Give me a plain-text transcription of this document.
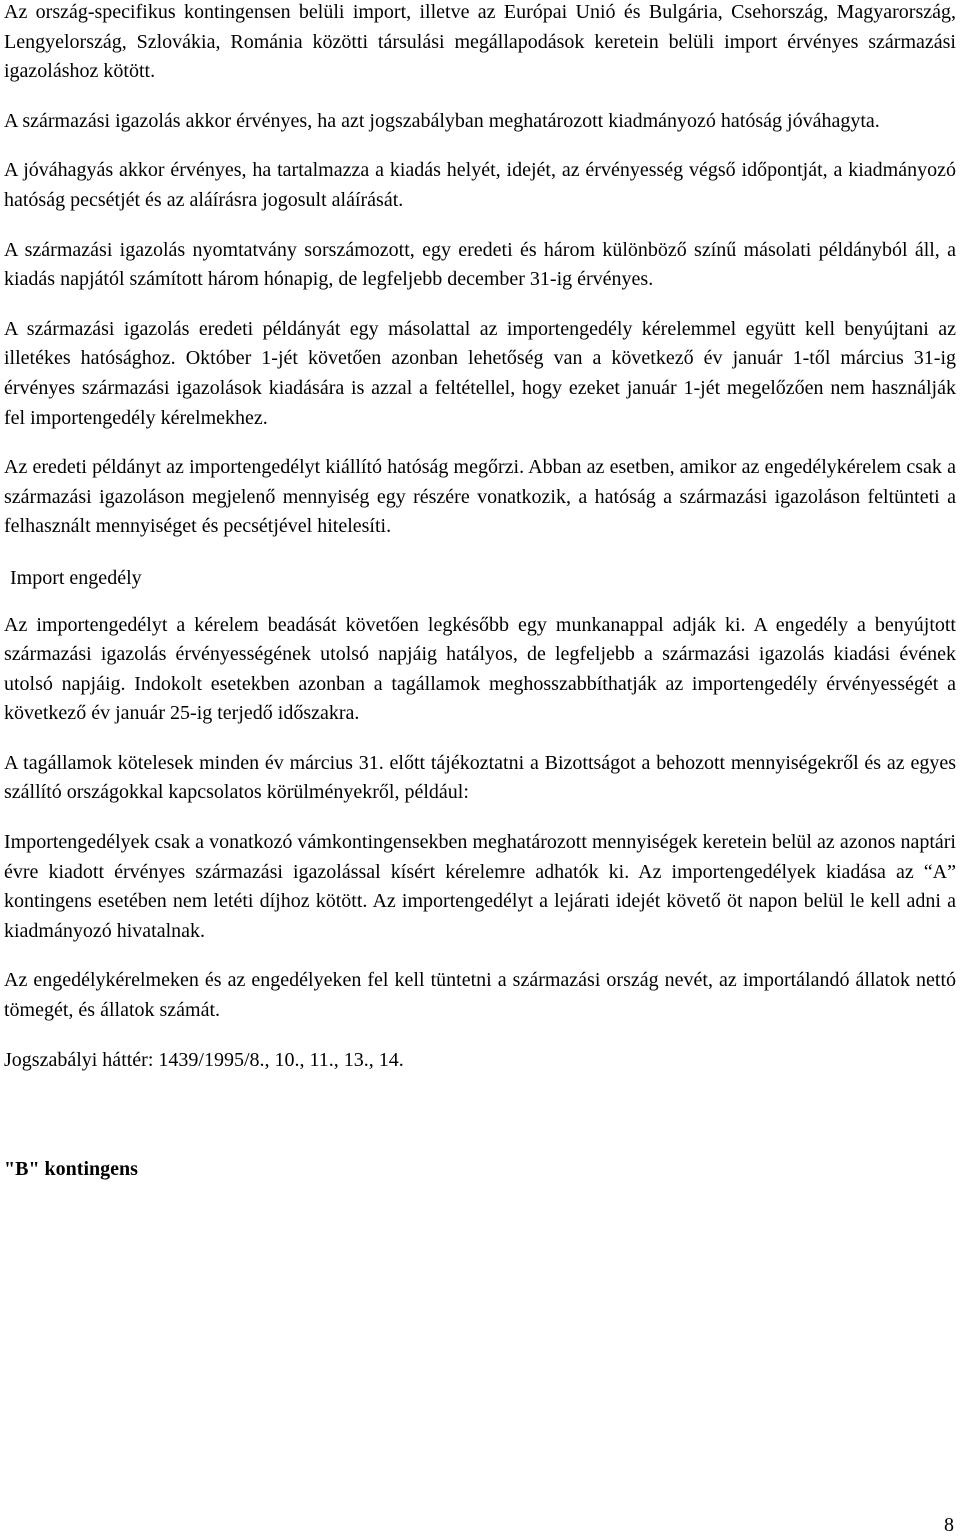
Az ország-specifikus kontingensen belüli import, illetve az Európai Unió és Bulgária, Csehország, Magyarország, Lengyelország, Szlovákia, Románia közötti társulási megállapodások keretein belüli import érvényes származási igazoláshoz kötött.

A származási igazolás akkor érvényes, ha azt jogszabályban meghatározott kiadmányozó hatóság jóváhagyta.

A jóváhagyás akkor érvényes, ha tartalmazza a kiadás helyét, idejét, az érvényesség végső időpontját, a kiadmányozó hatóság pecsétjét és az aláírásra jogosult aláírását.

A származási igazolás nyomtatvány sorszámozott, egy eredeti és három különböző színű másolati példányból áll, a kiadás napjától számított három hónapig, de legfeljebb december 31-ig érvényes.

A származási igazolás eredeti példányát egy másolattal az importengedély kérelemmel együtt kell benyújtani az illetékes hatósághoz. Október 1-jét követően azonban lehetőség van a következő év január 1-től március 31-ig érvényes származási igazolások kiadására is azzal a feltétellel, hogy ezeket január 1-jét megelőzően nem használják fel importengedély kérelmekhez.

Az eredeti példányt az importengedélyt kiállító hatóság megőrzi. Abban az esetben, amikor az engedélykérelem csak a származási igazoláson megjelenő mennyiség egy részére vonatkozik, a hatóság a származási igazoláson feltünteti a felhasznált mennyiséget és pecsétjével hitelesíti.

Import engedély

Az importengedélyt a kérelem beadását követően legkésőbb egy munkanappal adják ki. A engedély a benyújtott származási igazolás érvényességének utolsó napjáig hatályos, de legfeljebb a származási igazolás kiadási évének utolsó napjáig. Indokolt esetekben azonban a tagállamok meghosszabbíthatják az importengedély érvényességét a következő év január 25-ig terjedő időszakra.

A tagállamok kötelesek minden év március 31. előtt tájékoztatni a Bizottságot a behozott mennyiségekről és az egyes szállító országokkal kapcsolatos körülményekről, például:

Importengedélyek csak a vonatkozó vámkontingensekben meghatározott mennyiségek keretein belül az azonos naptári évre kiadott érvényes származási igazolással kísért kérelemre adhatók ki. Az importengedélyek kiadása az “A” kontingens esetében nem letéti díjhoz kötött. Az importengedélyt a lejárati idejét követő öt napon belül le kell adni a kiadmányozó hivatalnak.

Az engedélykérelmeken és az engedélyeken fel kell tüntetni a származási ország nevét, az importálandó állatok nettó tömegét, és állatok számát.

Jogszabályi háttér: 1439/1995/8., 10., 11., 13., 14.

"B" kontingens

8
